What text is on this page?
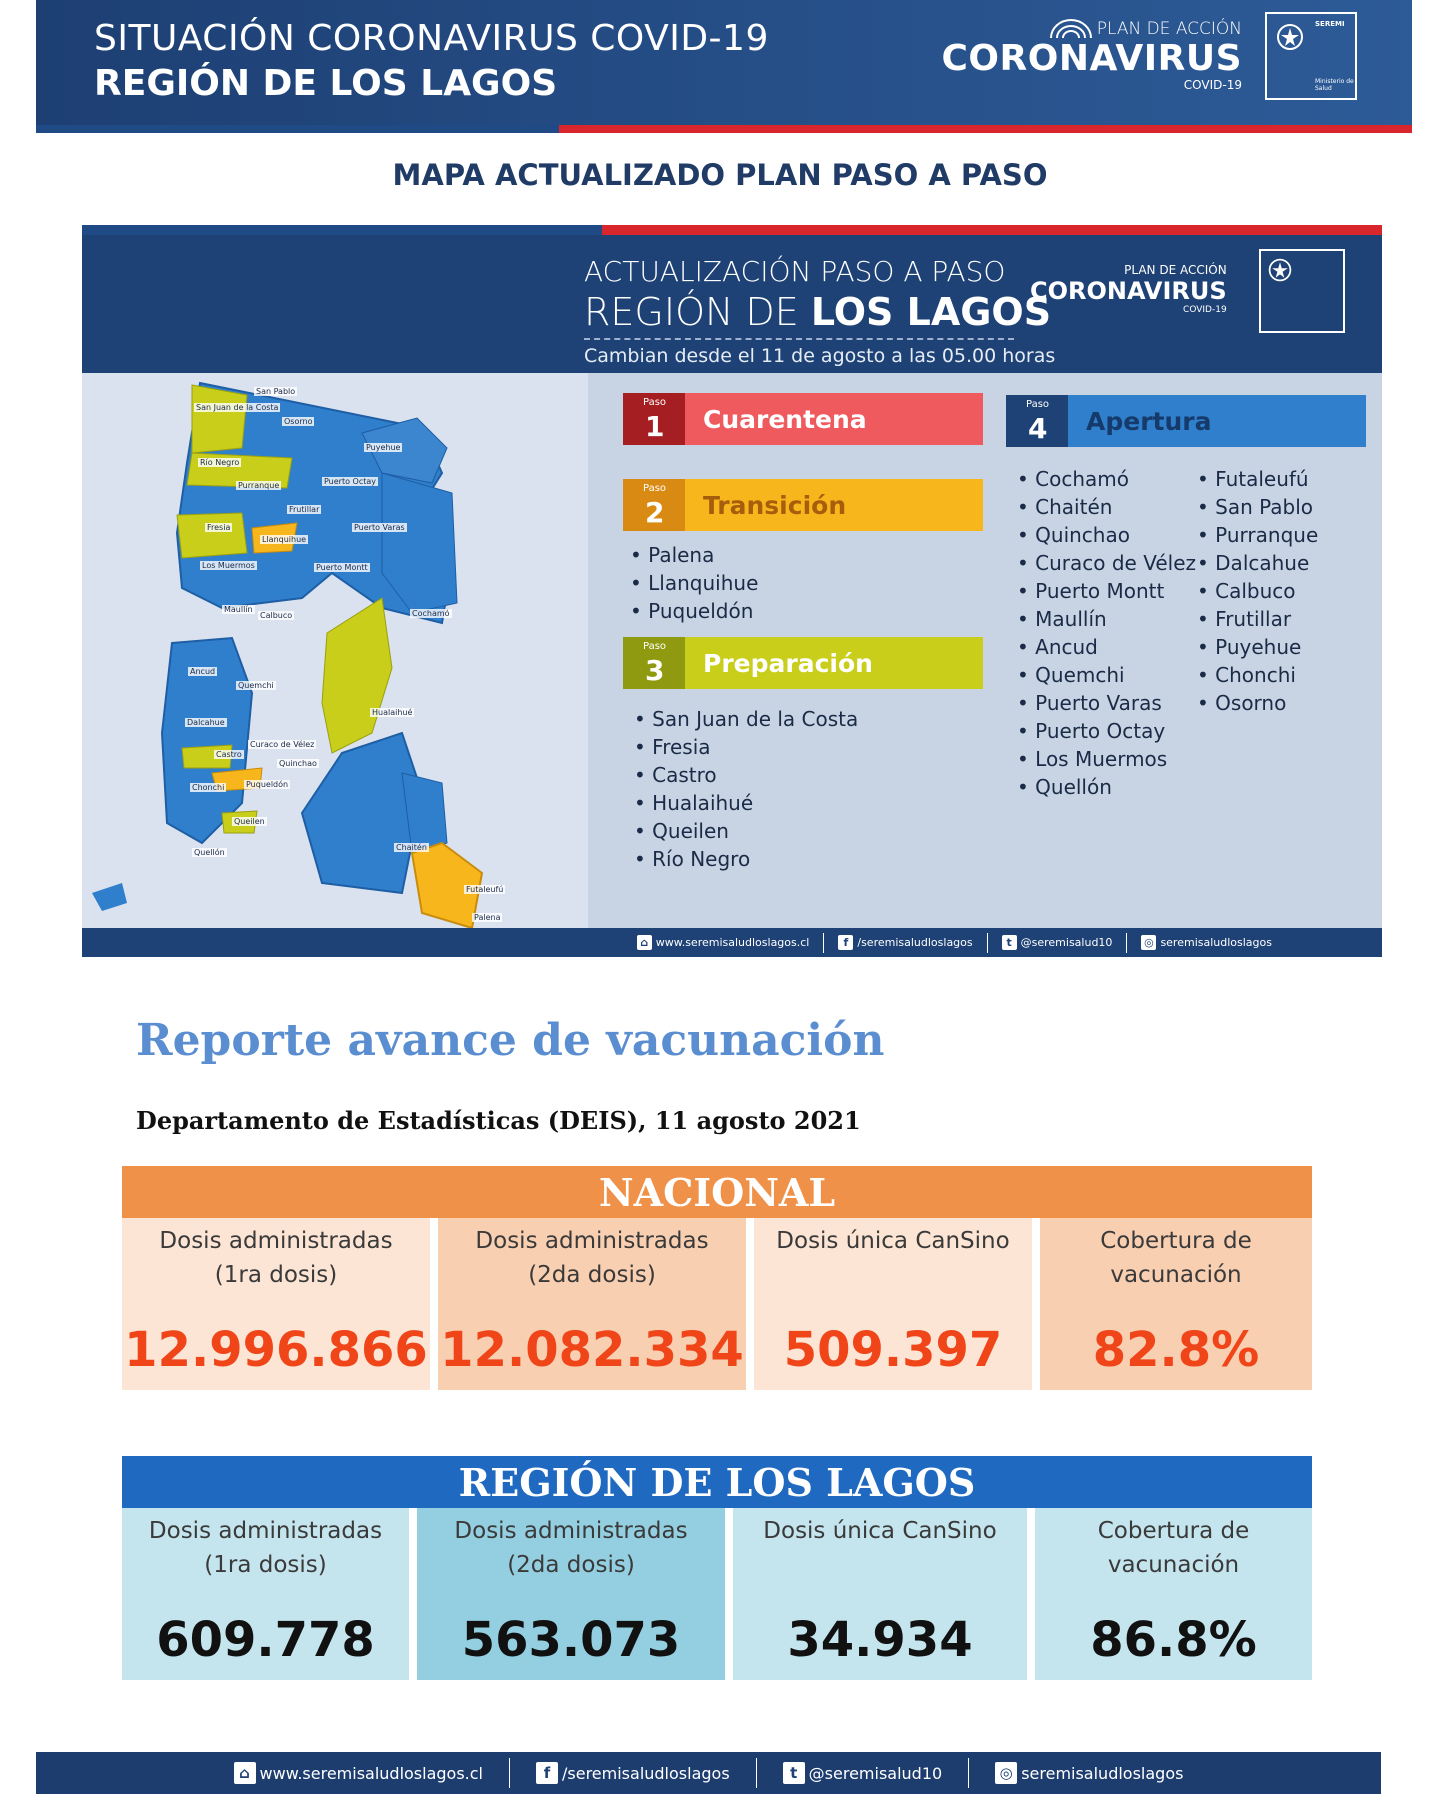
SITUACIÓN CORONAVIRUS COVID-19
REGIÓN DE LOS LAGOS
PLAN DE ACCIÓN
CORONAVIRUS
COVID-19
SEREMI
Ministerio de Salud
MAPA ACTUALIZADO PLAN PASO A PASO
ACTUALIZACIÓN PASO A PASO
REGIÓN DE LOS LAGOS
Cambian desde el 11 de agosto a las 05.00 horas
PLAN DE ACCIÓN
CORONAVIRUS
COVID-19
San Juan de la Costa
San Pablo
Osorno
Puyehue
Río Negro
Purranque	Puerto Octay
Frutillar
Fresia
Llanquihue
Puerto Varas
Los Muermos	Puerto Montt
Maullín
Calbuco	Cochamó
Ancud
Quemchi
Hualaihué
Dalcahue
Castro
Curaco de Vélez
Quinchao
Puqueldón
Chonchi
Queilen
Quellón
Chaitén
Futaleufú
Palena
Paso
1	Cuarentena
Paso
2	Transición
• Palena
• Llanquihue
• Puqueldón
Paso
3	Preparación
• San Juan de la Costa
• Fresia
• Castro
• Hualaihué
• Queilen
• Río Negro
Paso
4	Apertura
• Cochamó
• Chaitén
• Quinchao
• Curaco de Vélez
• Puerto Montt
• Maullín
• Ancud
• Quemchi
• Puerto Varas
• Puerto Octay
• Los Muermos
• Quellón
• Futaleufú
• San Pablo
• Purranque
• Dalcahue
• Calbuco
• Frutillar
• Puyehue
• Chonchi
• Osorno
⌂ www.seremisaludloslagos.cl	f /seremisaludloslagos	t @seremisalud10	◎ seremisaludloslagos
Reporte avance de vacunación
Departamento de Estadísticas (DEIS), 11 agosto 2021
NACIONAL
Dosis administradas
(1ra dosis)
12.996.866
Dosis administradas
(2da dosis)
12.082.334
Dosis única CanSino
509.397
Cobertura de
vacunación
82.8%
REGIÓN DE LOS LAGOS
Dosis administradas
(1ra dosis)
609.778
Dosis administradas
(2da dosis)
563.073
Dosis única CanSino
34.934
Cobertura de
vacunación
86.8%
⌂ www.seremisaludloslagos.cl	f /seremisaludloslagos	t @seremisalud10	◎ seremisaludloslagos
